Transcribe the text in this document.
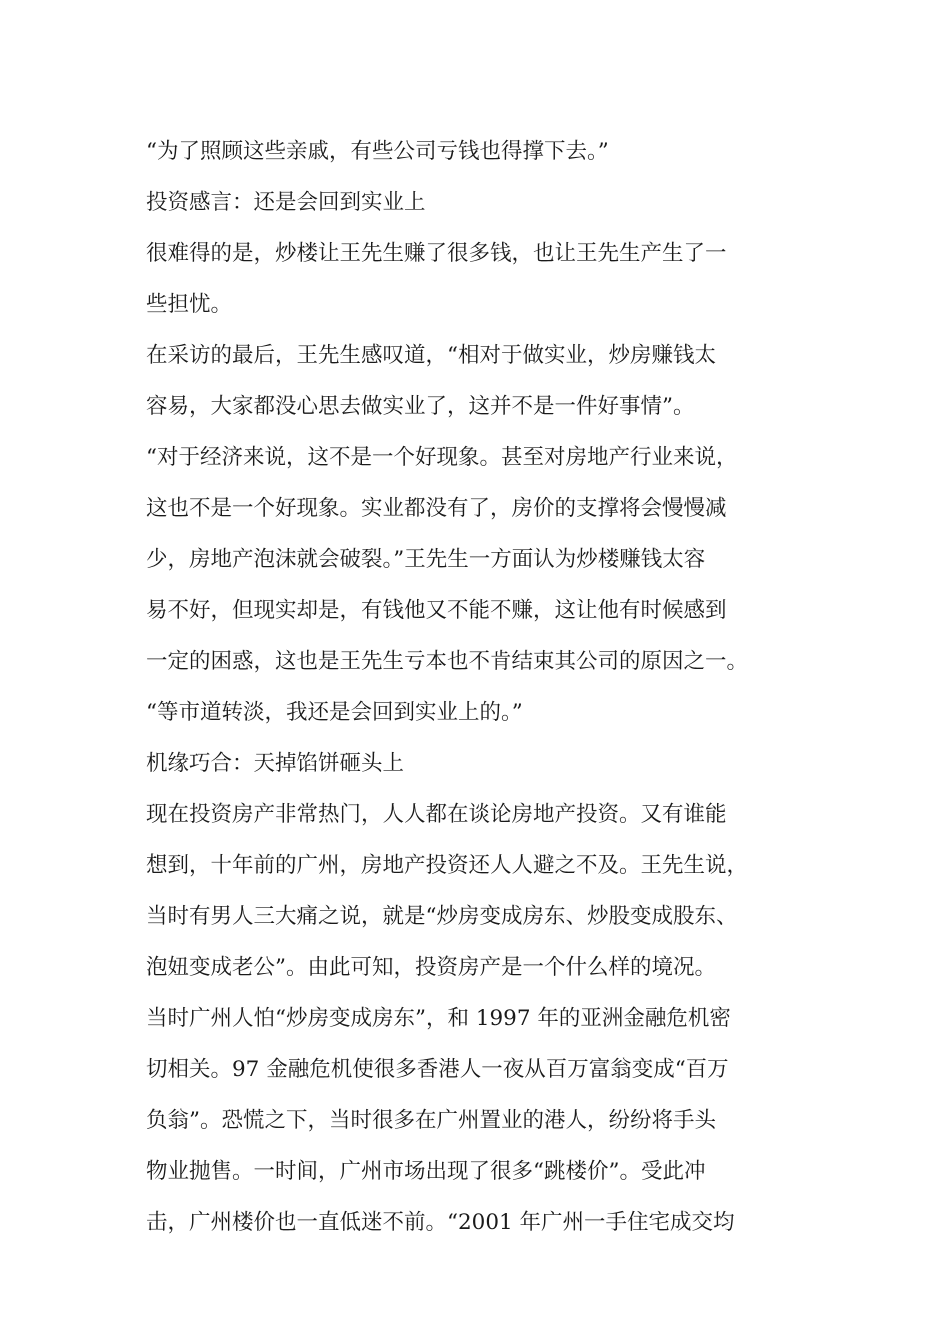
“为了照顾这些亲戚，有些公司亏钱也得撑下去。”
投资感言：还是会回到实业上
很难得的是，炒楼让王先生赚了很多钱，也让王先生产生了一
些担忧。
在采访的最后，王先生感叹道，“相对于做实业，炒房赚钱太
容易，大家都没心思去做实业了，这并不是一件好事情”。
“对于经济来说，这不是一个好现象。甚至对房地产行业来说，
这也不是一个好现象。实业都没有了，房价的支撑将会慢慢减
少，房地产泡沫就会破裂。”王先生一方面认为炒楼赚钱太容
易不好，但现实却是，有钱他又不能不赚，这让他有时候感到
一定的困惑，这也是王先生亏本也不肯结束其公司的原因之一。
“等市道转淡，我还是会回到实业上的。”
机缘巧合：天掉馅饼砸头上
现在投资房产非常热门，人人都在谈论房地产投资。又有谁能
想到，十年前的广州，房地产投资还人人避之不及。王先生说，
当时有男人三大痛之说，就是“炒房变成房东、炒股变成股东、
泡妞变成老公”。由此可知，投资房产是一个什么样的境况。
当时广州人怕“炒房变成房东”，和 1997 年的亚洲金融危机密
切相关。97 金融危机使很多香港人一夜从百万富翁变成“百万
负翁”。恐慌之下，当时很多在广州置业的港人，纷纷将手头
物业抛售。一时间，广州市场出现了很多“跳楼价”。受此冲
击，广州楼价也一直低迷不前。“2001 年广州一手住宅成交均
